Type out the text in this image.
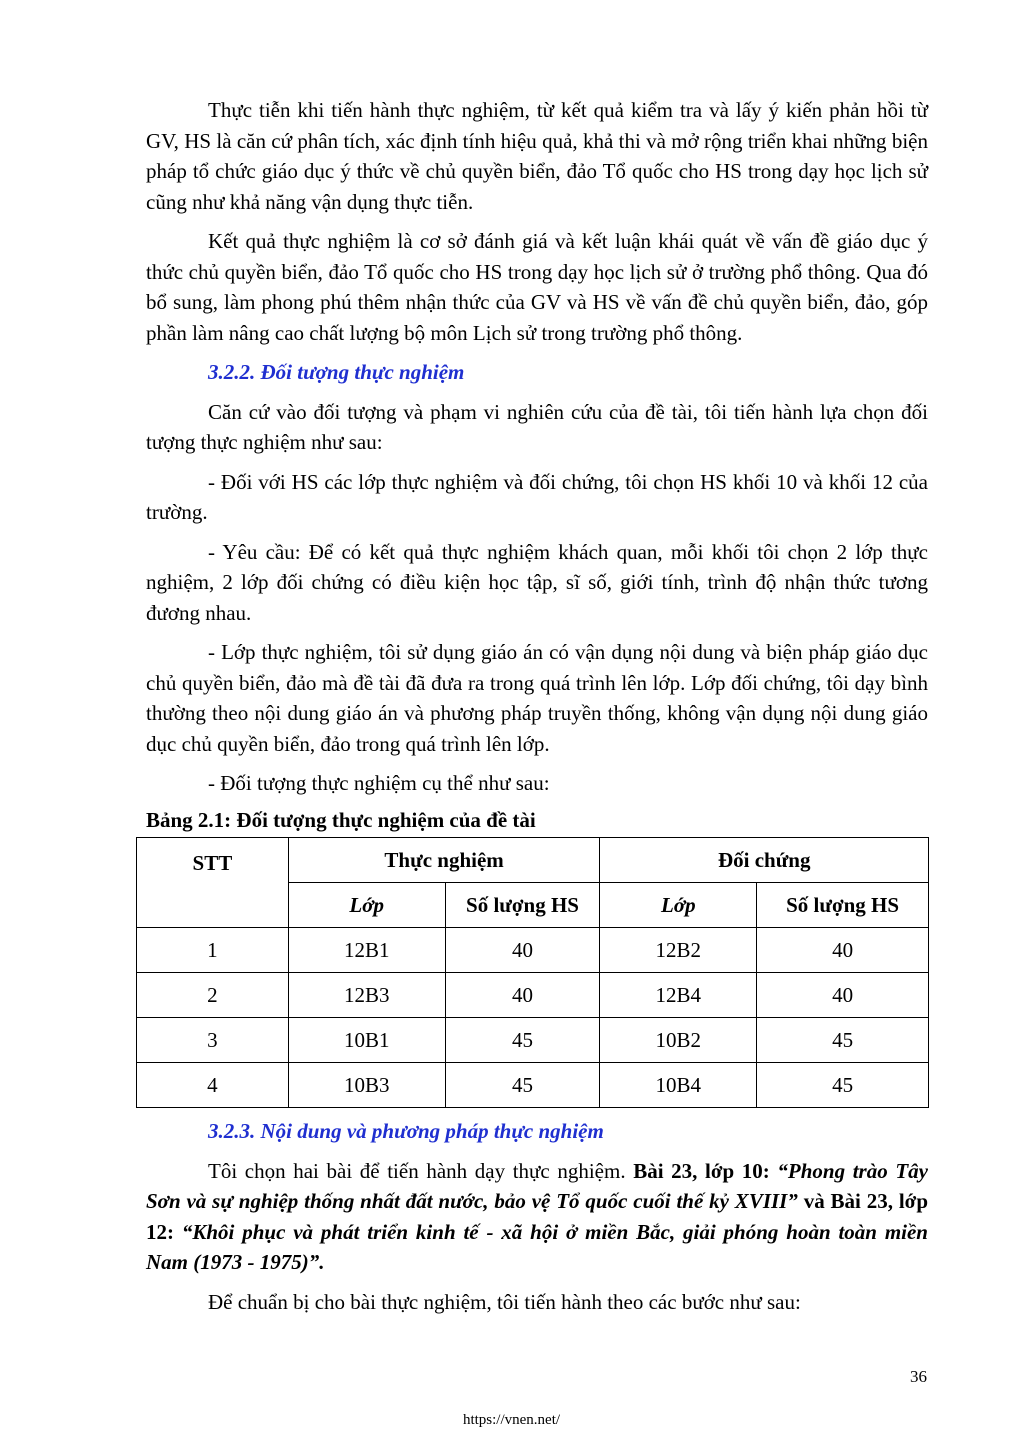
Thực tiễn khi tiến hành thực nghiệm, từ kết quả kiểm tra và lấy ý kiến phản hồi từ GV, HS là căn cứ phân tích, xác định tính hiệu quả, khả thi và mở rộng triển khai những biện pháp tổ chức giáo dục ý thức về chủ quyền biển, đảo Tổ quốc cho HS trong dạy học lịch sử cũng như khả năng vận dụng thực tiễn.

Kết quả thực nghiệm là cơ sở đánh giá và kết luận khái quát về vấn đề giáo dục ý thức chủ quyền biển, đảo Tổ quốc cho HS trong dạy học lịch sử ở trường phổ thông. Qua đó bổ sung, làm phong phú thêm nhận thức của GV và HS về vấn đề chủ quyền biển, đảo, góp phần làm nâng cao chất lượng bộ môn Lịch sử trong trường phổ thông.

3.2.2. Đối tượng thực nghiệm

Căn cứ vào đối tượng và phạm vi nghiên cứu của đề tài, tôi tiến hành lựa chọn đối tượng thực nghiệm như sau:

- Đối với HS các lớp thực nghiệm và đối chứng, tôi chọn HS khối 10 và khối 12 của trường.

- Yêu cầu: Để có kết quả thực nghiệm khách quan, mỗi khối tôi chọn 2 lớp thực nghiệm, 2 lớp đối chứng có điều kiện học tập, sĩ số, giới tính, trình độ nhận thức tương đương nhau.

- Lớp thực nghiệm, tôi sử dụng giáo án có vận dụng nội dung và biện pháp giáo dục chủ quyền biển, đảo mà đề tài đã đưa ra trong quá trình lên lớp. Lớp đối chứng, tôi dạy bình thường theo nội dung giáo án và phương pháp truyền thống, không vận dụng nội dung giáo dục chủ quyền biển, đảo trong quá trình lên lớp.

- Đối tượng thực nghiệm cụ thể như sau:

Bảng 2.1: Đối tượng thực nghiệm của đề tài
STT	Thực nghiệm		Đối chứng	
	Lớp	Số lượng HS	Lớp	Số lượng HS
1	12B1	40	12B2	40
2	12B3	40	12B4	40
3	10B1	45	10B2	45
4	10B3	45	10B4	45
3.2.3. Nội dung và phương pháp thực nghiệm

Tôi chọn hai bài để tiến hành dạy thực nghiệm. Bài 23, lớp 10: “Phong trào Tây Sơn và sự nghiệp thống nhất đất nước, bảo vệ Tổ quốc cuối thế kỷ XVIII” và Bài 23, lớp 12: “Khôi phục và phát triển kinh tế - xã hội ở miền Bắc, giải phóng hoàn toàn miền Nam (1973 - 1975)”.

Để chuẩn bị cho bài thực nghiệm, tôi tiến hành theo các bước như sau:

36
https://vnen.net/
